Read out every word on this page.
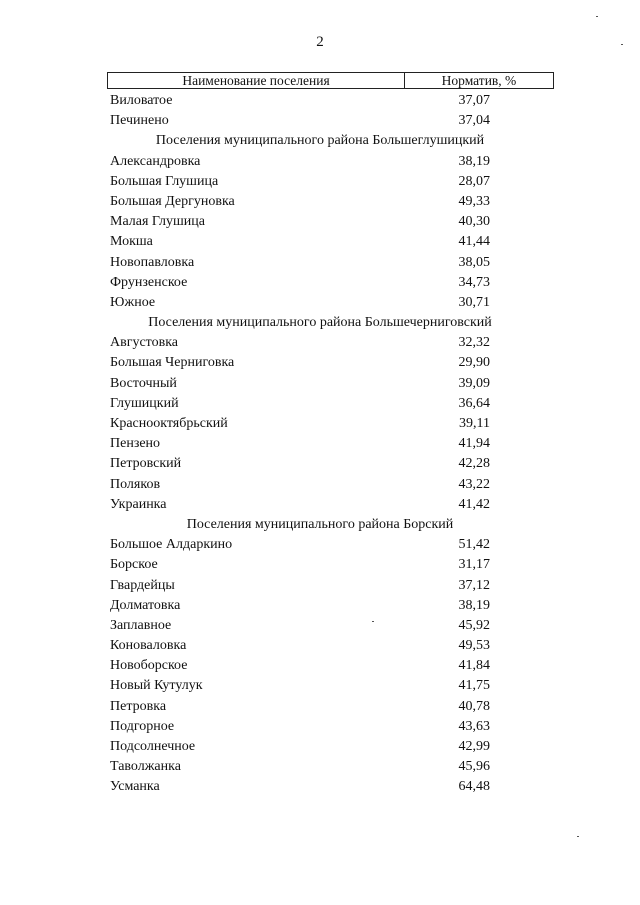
2
Наименование поселения	Норматив, %
Виловатое	37,07
Печинено	37,04
Поселения муниципального района Большеглушицкий
Александровка	38,19
Большая Глушица	28,07
Большая Дергуновка	49,33
Малая Глушица	40,30
Мокша	41,44
Новопавловка	38,05
Фрунзенское	34,73
Южное	30,71
Поселения муниципального района Большечерниговский
Августовка	32,32
Большая Черниговка	29,90
Восточный	39,09
Глушицкий	36,64
Краснооктябрьский	39,11
Пензено	41,94
Петровский	42,28
Поляков	43,22
Украинка	41,42
Поселения муниципального района Борский
Большое Алдаркино	51,42
Борское	31,17
Гвардейцы	37,12
Долматовка	38,19
Заплавное	45,92
Коноваловка	49,53
Новоборское	41,84
Новый Кутулук	41,75
Петровка	40,78
Подгорное	43,63
Подсолнечное	42,99
Таволжанка	45,96
Усманка	64,48
